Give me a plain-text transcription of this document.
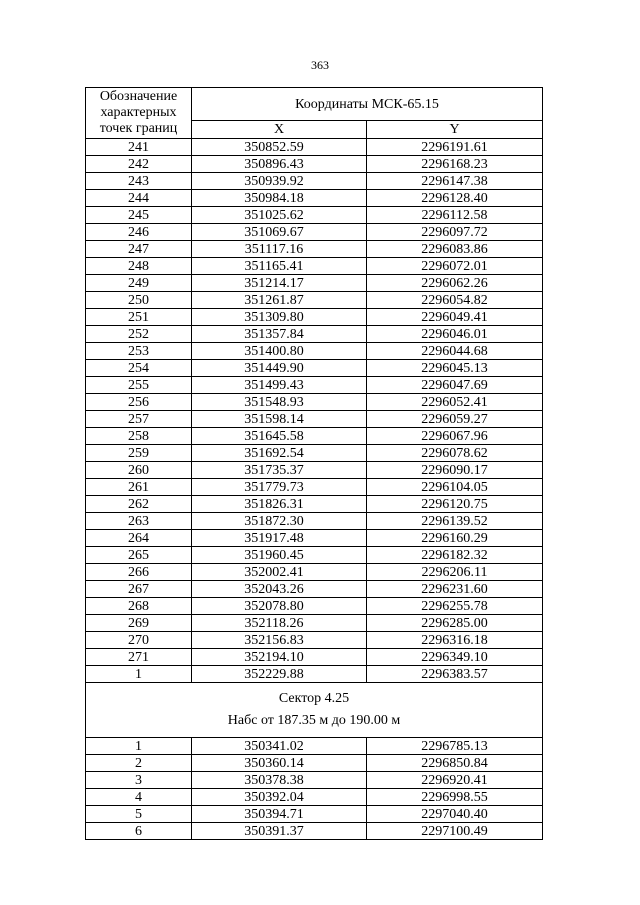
363
Обозначение
характерных
точек границ	Координаты МСК-65.15	
	X	Y
241	350852.59	2296191.61
242	350896.43	2296168.23
243	350939.92	2296147.38
244	350984.18	2296128.40
245	351025.62	2296112.58
246	351069.67	2296097.72
247	351117.16	2296083.86
248	351165.41	2296072.01
249	351214.17	2296062.26
250	351261.87	2296054.82
251	351309.80	2296049.41
252	351357.84	2296046.01
253	351400.80	2296044.68
254	351449.90	2296045.13
255	351499.43	2296047.69
256	351548.93	2296052.41
257	351598.14	2296059.27
258	351645.58	2296067.96
259	351692.54	2296078.62
260	351735.37	2296090.17
261	351779.73	2296104.05
262	351826.31	2296120.75
263	351872.30	2296139.52
264	351917.48	2296160.29
265	351960.45	2296182.32
266	352002.41	2296206.11
267	352043.26	2296231.60
268	352078.80	2296255.78
269	352118.26	2296285.00
270	352156.83	2296316.18
271	352194.10	2296349.10
1	352229.88	2296383.57

Сектор 4.25
Набс от 187.35 м до 190.00 м		

1	350341.02	2296785.13
2	350360.14	2296850.84
3	350378.38	2296920.41
4	350392.04	2296998.55
5	350394.71	2297040.40
6	350391.37	2297100.49
